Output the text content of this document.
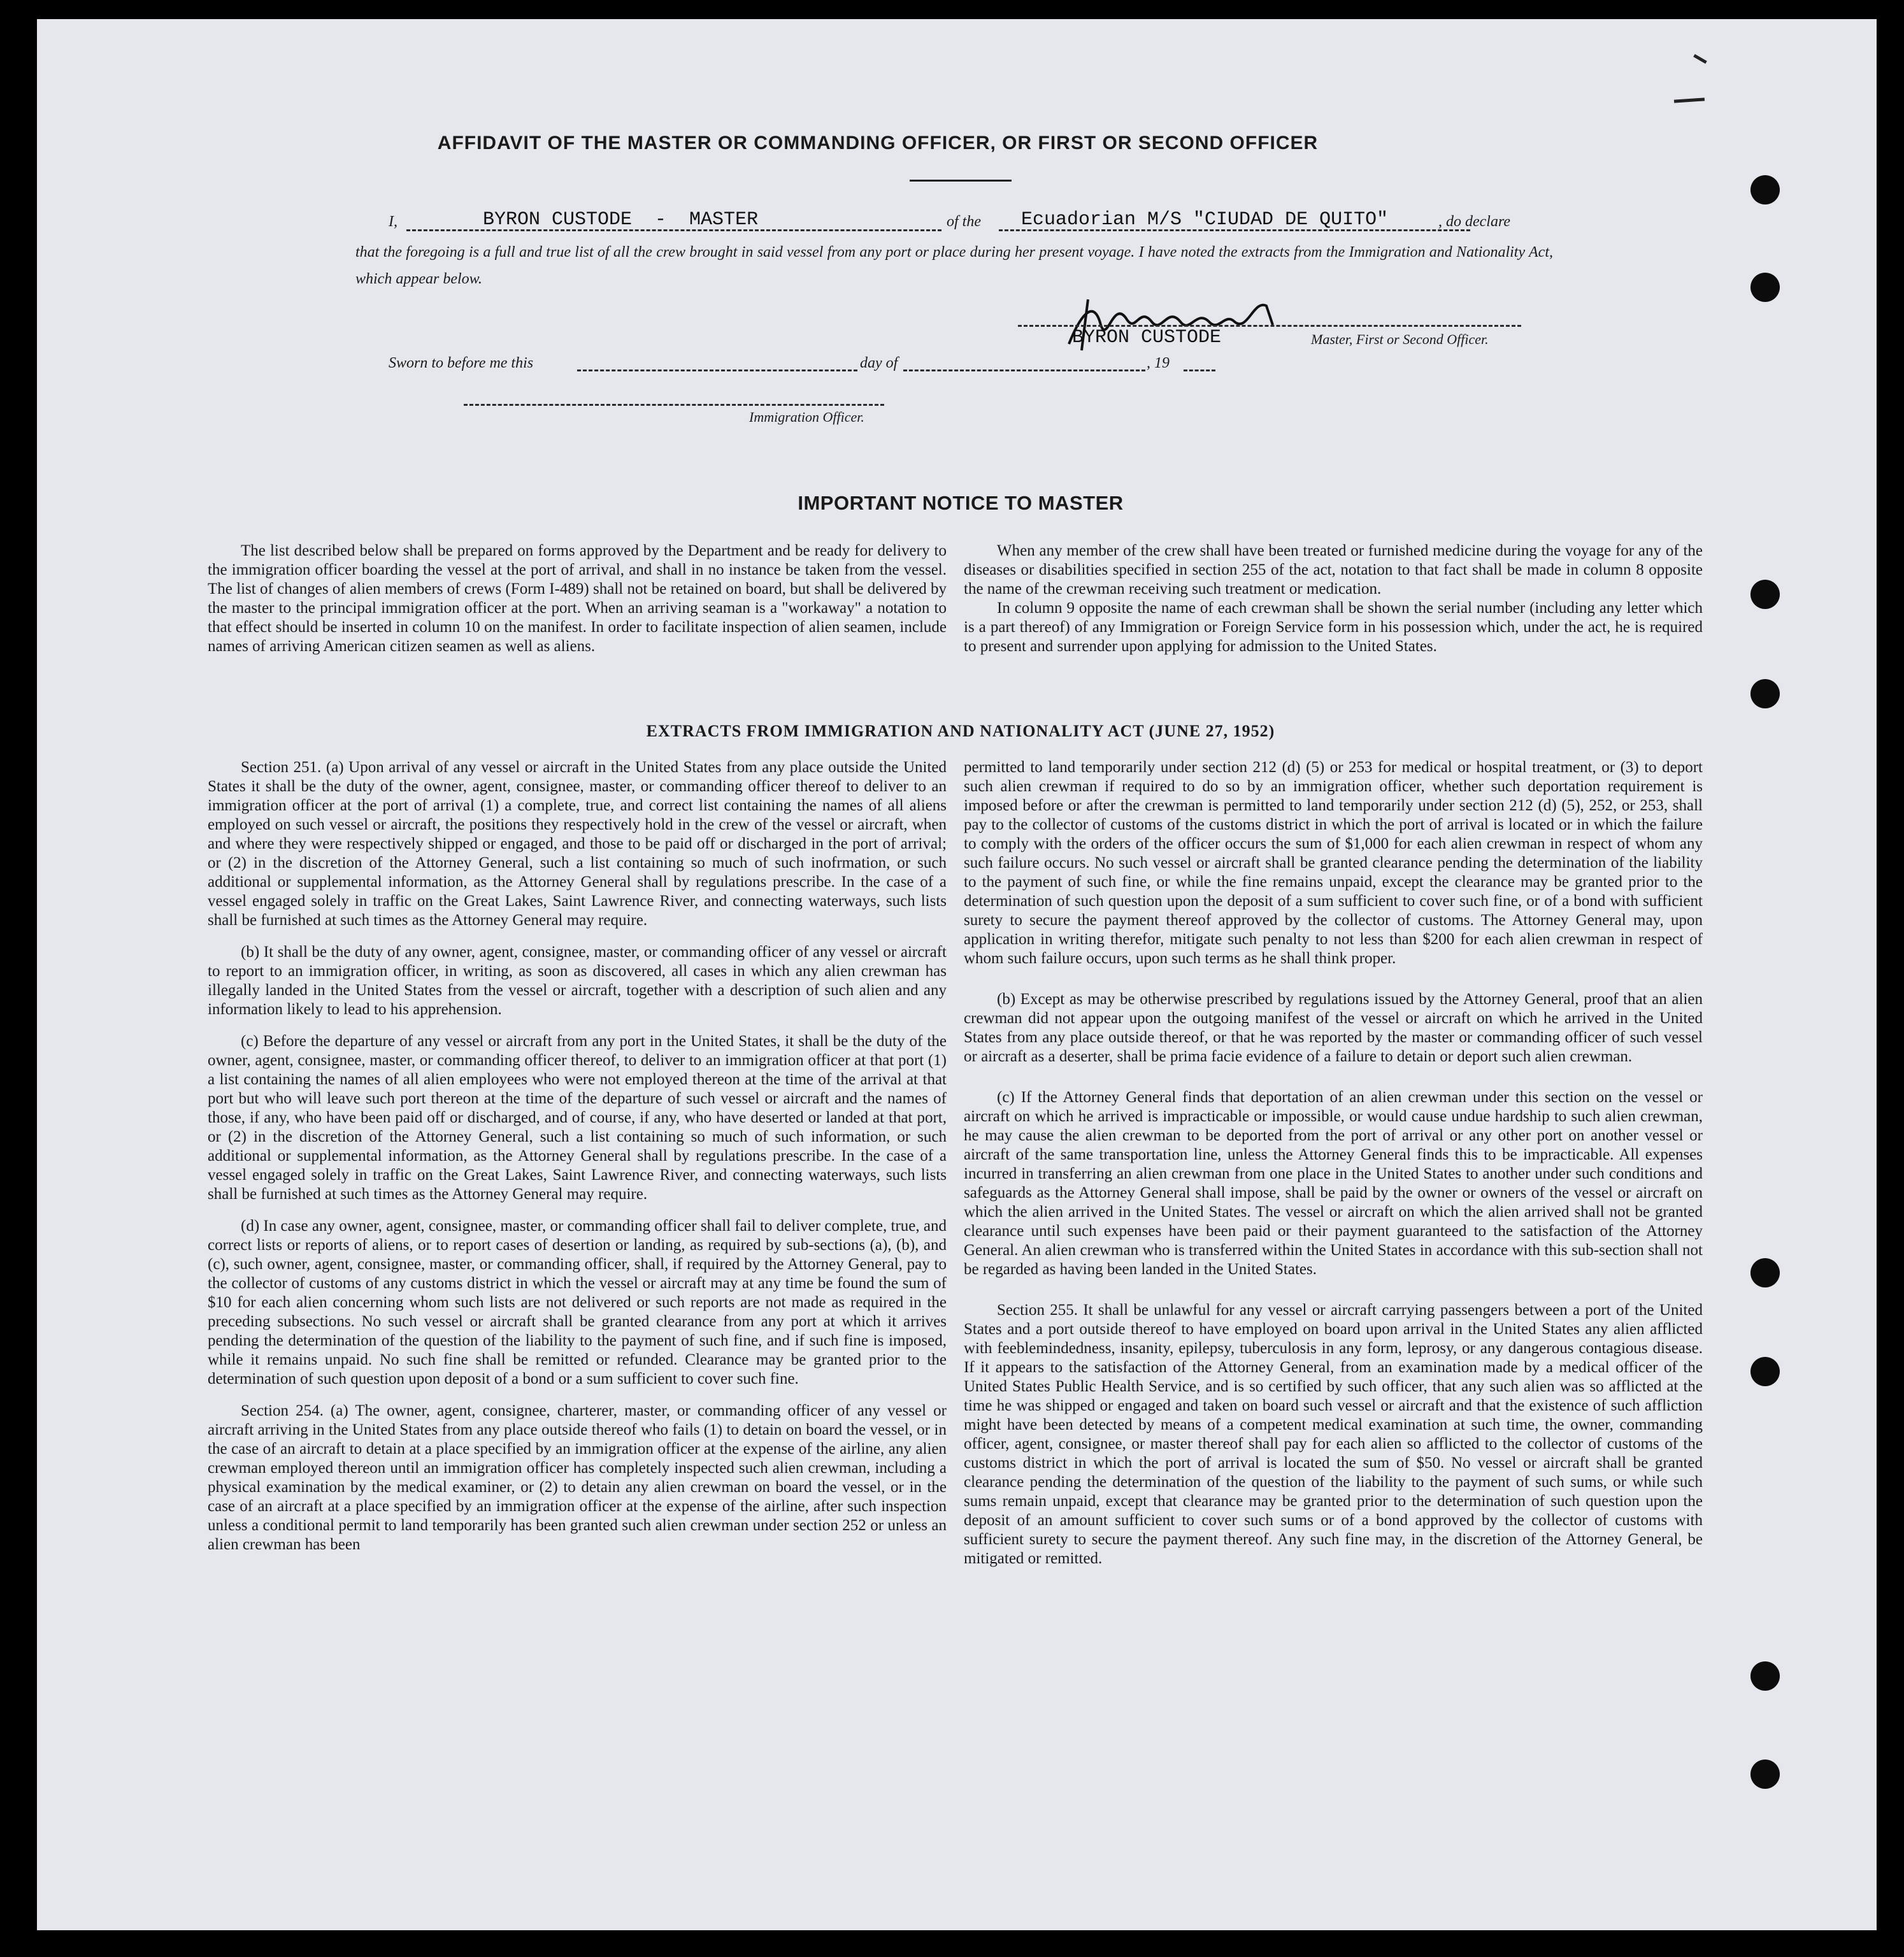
AFFIDAVIT OF THE MASTER OR COMMANDING OFFICER, OR FIRST OR SECOND OFFICER
I,	BYRON CUSTODE  -  MASTER	of the Ecuadorian M/S "CIUDAD DE QUITO"	, do declare
that the foregoing is a full and true list of all the crew brought in said vessel from any port or place during her present voyage. I have noted the extracts from the Immigration and Nationality Act, which appear below.
BYRON CUSTODE	Master, First or Second Officer.
Sworn to before me this	day of	, 19
Immigration Officer.
IMPORTANT NOTICE TO MASTER

The list described below shall be prepared on forms approved by the Department and be ready for delivery to the immigration officer boarding the vessel at the port of arrival, and shall in no instance be taken from the vessel. The list of changes of alien members of crews (Form I-489) shall not be retained on board, but shall be delivered by the master to the principal immigration officer at the port. When an arriving seaman is a "workaway" a notation to that effect should be inserted in column 10 on the manifest. In order to facilitate inspection of alien seamen, include names of arriving American citizen seamen as well as aliens.

When any member of the crew shall have been treated or furnished medicine during the voyage for any of the diseases or disabilities specified in section 255 of the act, notation to that fact shall be made in column 8 opposite the name of the crewman receiving such treatment or medication.

In column 9 opposite the name of each crewman shall be shown the serial number (including any letter which is a part thereof) of any Immigration or Foreign Service form in his possession which, under the act, he is required to present and surrender upon applying for admission to the United States.

EXTRACTS FROM IMMIGRATION AND NATIONALITY ACT (JUNE 27, 1952)

Section 251. (a) Upon arrival of any vessel or aircraft in the United States from any place outside the United States it shall be the duty of the owner, agent, consignee, master, or commanding officer thereof to deliver to an immigration officer at the port of arrival (1) a complete, true, and correct list containing the names of all aliens employed on such vessel or aircraft, the positions they respectively hold in the crew of the vessel or aircraft, when and where they were respectively shipped or engaged, and those to be paid off or discharged in the port of arrival; or (2) in the discretion of the Attorney General, such a list containing so much of such inofrmation, or such additional or supplemental information, as the Attorney General shall by regulations prescribe. In the case of a vessel engaged solely in traffic on the Great Lakes, Saint Lawrence River, and connecting waterways, such lists shall be furnished at such times as the Attorney General may require.

(b) It shall be the duty of any owner, agent, consignee, master, or commanding officer of any vessel or aircraft to report to an immigration officer, in writing, as soon as discovered, all cases in which any alien crewman has illegally landed in the United States from the vessel or aircraft, together with a description of such alien and any information likely to lead to his apprehension.

(c) Before the departure of any vessel or aircraft from any port in the United States, it shall be the duty of the owner, agent, consignee, master, or commanding officer thereof, to deliver to an immigration officer at that port (1) a list containing the names of all alien employees who were not employed thereon at the time of the arrival at that port but who will leave such port thereon at the time of the departure of such vessel or aircraft and the names of those, if any, who have been paid off or discharged, and of course, if any, who have deserted or landed at that port, or (2) in the discretion of the Attorney General, such a list containing so much of such information, or such additional or supplemental information, as the Attorney General shall by regulations prescribe. In the case of a vessel engaged solely in traffic on the Great Lakes, Saint Lawrence River, and connecting waterways, such lists shall be furnished at such times as the Attorney General may require.

(d) In case any owner, agent, consignee, master, or commanding officer shall fail to deliver complete, true, and correct lists or reports of aliens, or to report cases of desertion or landing, as required by sub-sections (a), (b), and (c), such owner, agent, consignee, master, or commanding officer, shall, if required by the Attorney General, pay to the collector of customs of any customs district in which the vessel or aircraft may at any time be found the sum of $10 for each alien concerning whom such lists are not delivered or such reports are not made as required in the preceding subsections. No such vessel or aircraft shall be granted clearance from any port at which it arrives pending the determination of the question of the liability to the payment of such fine, and if such fine is imposed, while it remains unpaid. No such fine shall be remitted or refunded. Clearance may be granted prior to the determination of such question upon deposit of a bond or a sum sufficient to cover such fine.

Section 254. (a) The owner, agent, consignee, charterer, master, or commanding officer of any vessel or aircraft arriving in the United States from any place outside thereof who fails (1) to detain on board the vessel, or in the case of an aircraft to detain at a place specified by an immigration officer at the expense of the airline, any alien crewman employed thereon until an immigration officer has completely inspected such alien crewman, including a physical examination by the medical examiner, or (2) to detain any alien crewman on board the vessel, or in the case of an aircraft at a place specified by an immigration officer at the expense of the airline, after such inspection unless a conditional permit to land temporarily has been granted such alien crewman under section 252 or unless an alien crewman has been

permitted to land temporarily under section 212 (d) (5) or 253 for medical or hospital treatment, or (3) to deport such alien crewman if required to do so by an immigration officer, whether such deportation requirement is imposed before or after the crewman is permitted to land temporarily under section 212 (d) (5), 252, or 253, shall pay to the collector of customs of the customs district in which the port of arrival is located or in which the failure to comply with the orders of the officer occurs the sum of $1,000 for each alien crewman in respect of whom any such failure occurs. No such vessel or aircraft shall be granted clearance pending the determination of the liability to the payment of such fine, or while the fine remains unpaid, except the clearance may be granted prior to the determination of such question upon the deposit of a sum sufficient to cover such fine, or of a bond with sufficient surety to secure the payment thereof approved by the collector of customs. The Attorney General may, upon application in writing therefor, mitigate such penalty to not less than $200 for each alien crewman in respect of whom such failure occurs, upon such terms as he shall think proper.

(b) Except as may be otherwise prescribed by regulations issued by the Attorney General, proof that an alien crewman did not appear upon the outgoing manifest of the vessel or aircraft on which he arrived in the United States from any place outside thereof, or that he was reported by the master or commanding officer of such vessel or aircraft as a deserter, shall be prima facie evidence of a failure to detain or deport such alien crewman.

(c) If the Attorney General finds that deportation of an alien crewman under this section on the vessel or aircraft on which he arrived is impracticable or impossible, or would cause undue hardship to such alien crewman, he may cause the alien crewman to be deported from the port of arrival or any other port on another vessel or aircraft of the same transportation line, unless the Attorney General finds this to be impracticable. All expenses incurred in transferring an alien crewman from one place in the United States to another under such conditions and safeguards as the Attorney General shall impose, shall be paid by the owner or owners of the vessel or aircraft on which the alien arrived in the United States. The vessel or aircraft on which the alien arrived shall not be granted clearance until such expenses have been paid or their payment guaranteed to the satisfaction of the Attorney General. An alien crewman who is transferred within the United States in accordance with this sub-section shall not be regarded as having been landed in the United States.

Section 255. It shall be unlawful for any vessel or aircraft carrying passengers between a port of the United States and a port outside thereof to have employed on board upon arrival in the United States any alien afflicted with feeblemindedness, insanity, epilepsy, tuberculosis in any form, leprosy, or any dangerous contagious disease. If it appears to the satisfaction of the Attorney General, from an examination made by a medical officer of the United States Public Health Service, and is so certified by such officer, that any such alien was so afflicted at the time he was shipped or engaged and taken on board such vessel or aircraft and that the existence of such affliction might have been detected by means of a competent medical examination at such time, the owner, commanding officer, agent, consignee, or master thereof shall pay for each alien so afflicted to the collector of customs of the customs district in which the port of arrival is located the sum of $50. No vessel or aircraft shall be granted clearance pending the determination of the question of the liability to the payment of such sums, or while such sums remain unpaid, except that clearance may be granted prior to the determination of such question upon the deposit of an amount sufficient to cover such sums or of a bond approved by the collector of customs with sufficient surety to secure the payment thereof. Any such fine may, in the discretion of the Attorney General, be mitigated or remitted.
